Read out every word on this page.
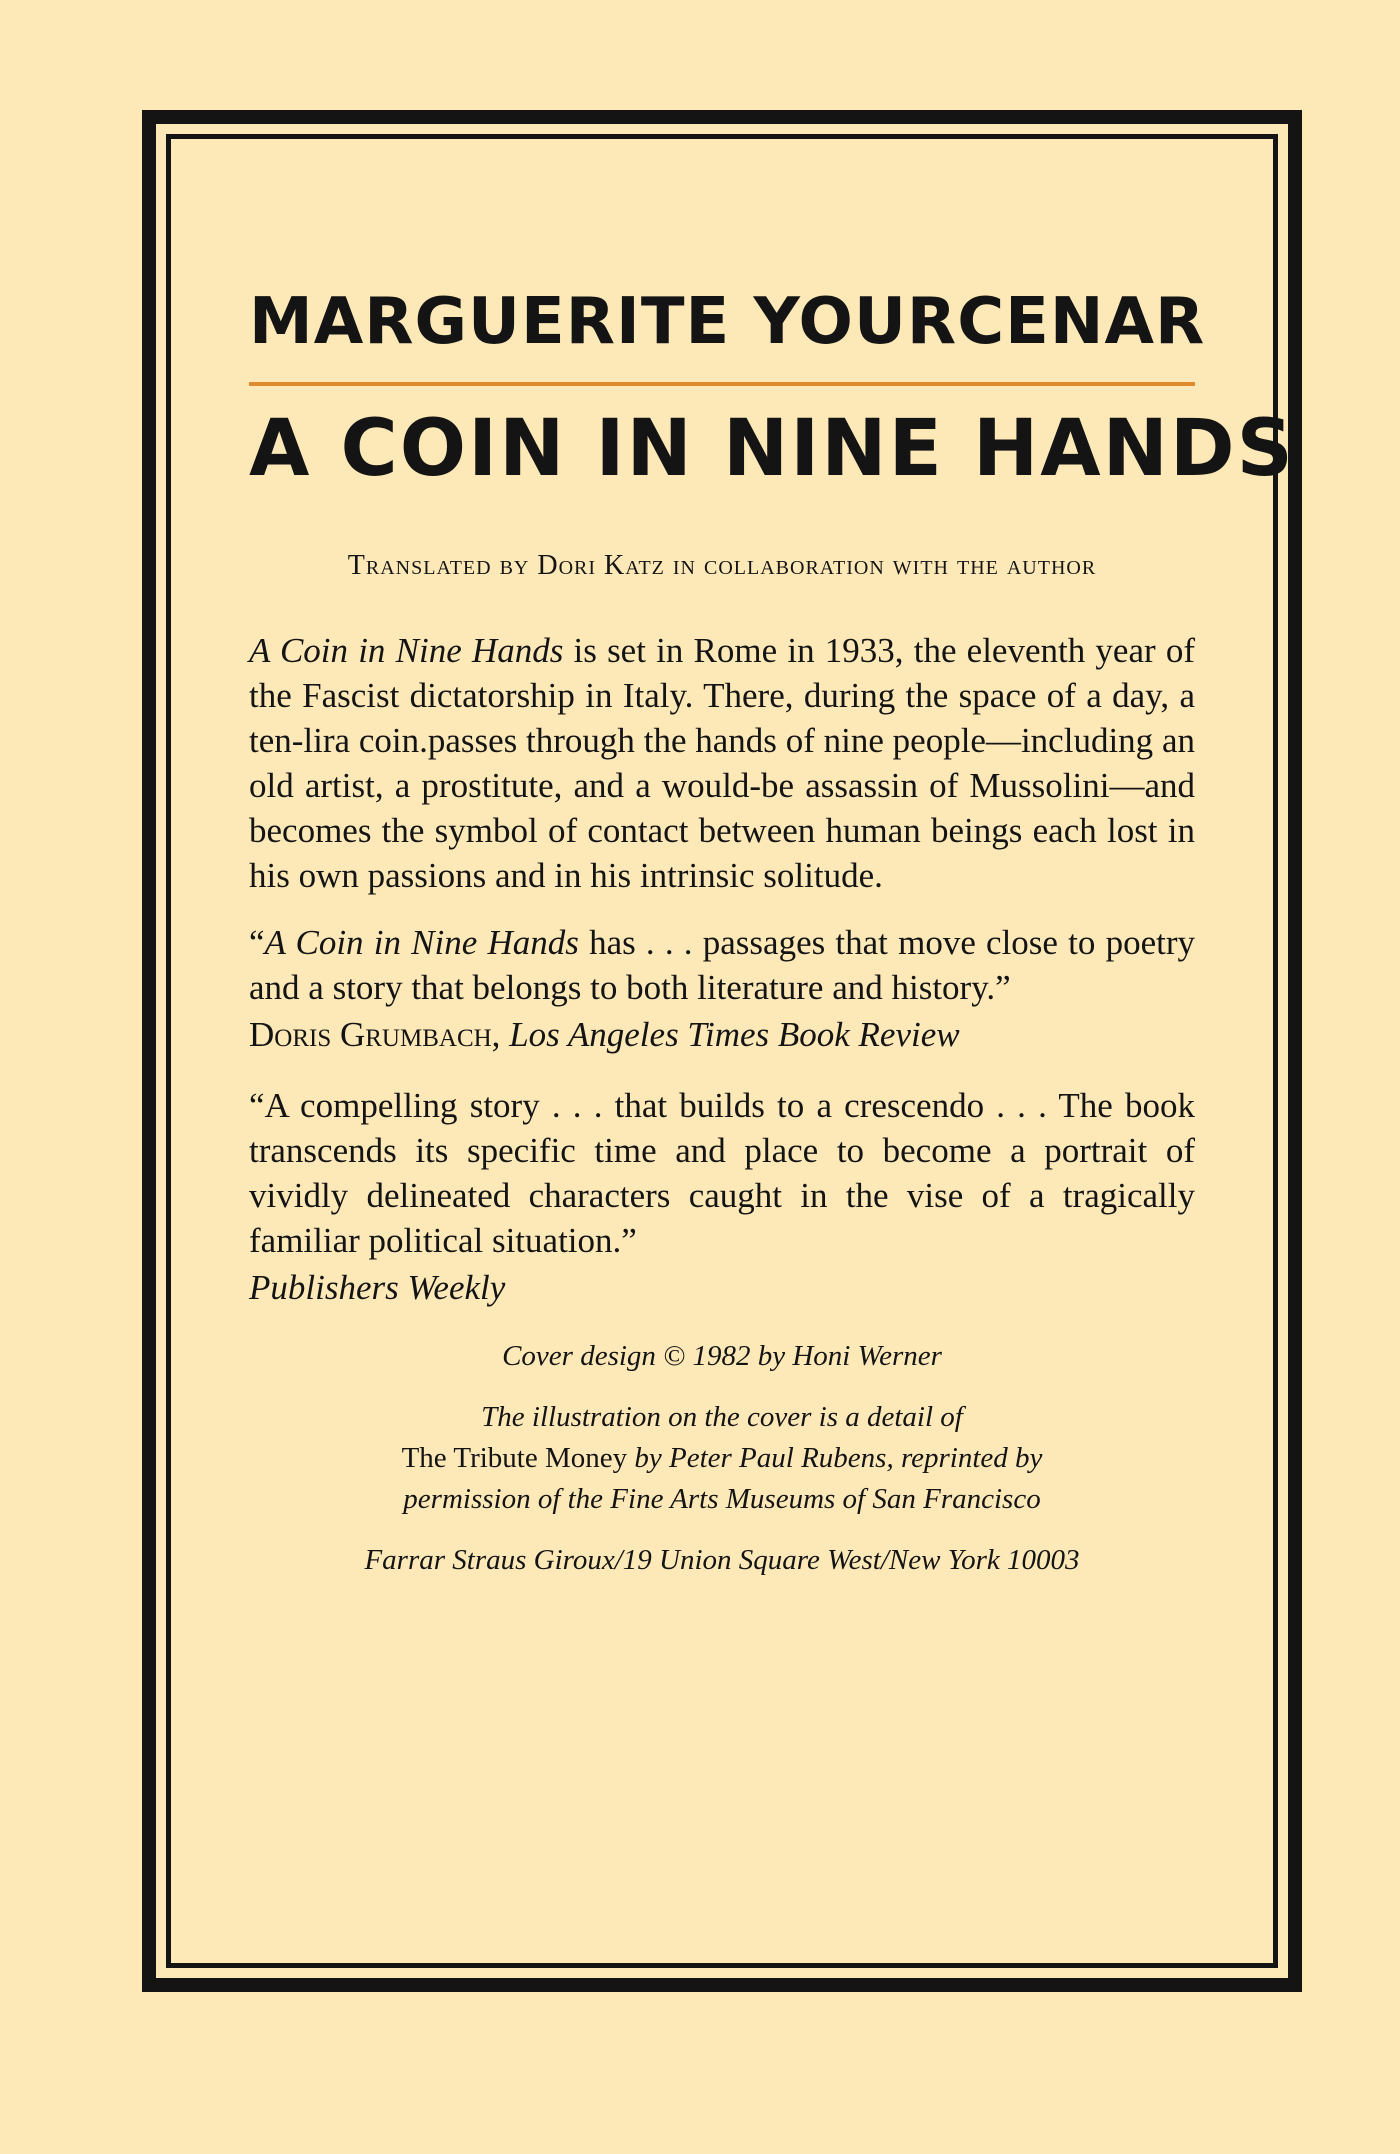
MARGUERITE YOURCENAR
A COIN IN NINE HANDS
Translated by Dori Katz in collaboration with the author

A Coin in Nine Hands is set in Rome in 1933, the eleventh year of the Fascist dictatorship in Italy. There, during the space of a day, a ten-lira coin.passes through the hands of nine people—including an old artist, a prostitute, and a would-be assassin of Mussolini—and becomes the symbol of contact between human beings each lost in his own passions and in his intrinsic solitude.

“A Coin in Nine Hands has . . . passages that move close to poetry and a story that belongs to both literature and history.”

Doris Grumbach, Los Angeles Times Book Review

“A compelling story . . . that builds to a crescendo . . . The book transcends its specific time and place to become a portrait of vividly delineated characters caught in the vise of a tragically familiar political situation.”

Publishers Weekly
Cover design © 1982 by Honi Werner
The illustration on the cover is a detail of
The Tribute Money by Peter Paul Rubens, reprinted by
permission of the Fine Arts Museums of San Francisco
Farrar Straus Giroux/19 Union Square West/New York 10003
